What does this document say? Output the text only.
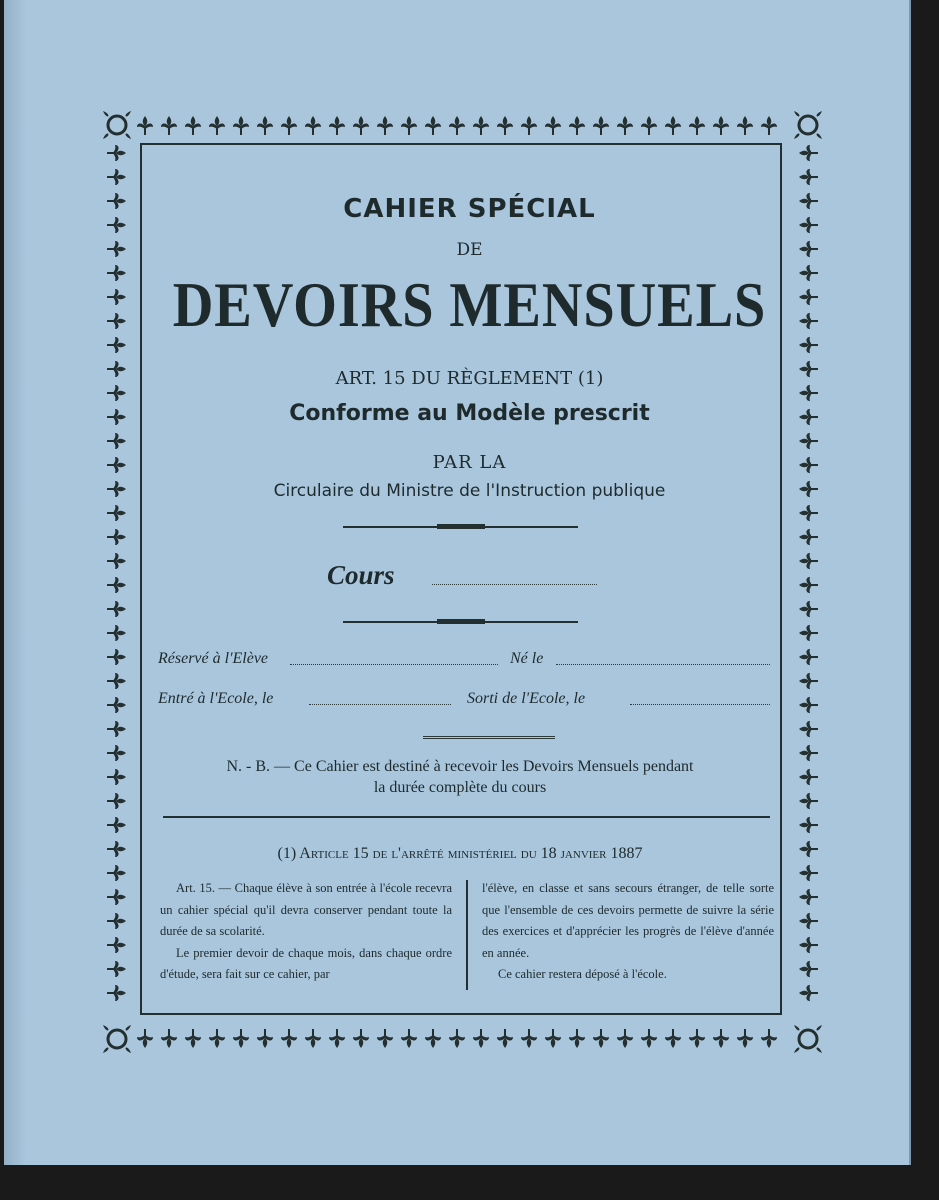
CAHIER SPÉCIAL
DE
DEVOIRS MENSUELS
ART. 15 DU RÈGLEMENT (1)
Conforme au Modèle prescrit
PAR LA
Circulaire du Ministre de l'Instruction publique
Cours
Réservé à l'Elève	Né le
Entré à l'Ecole, le	Sorti de l'Ecole, le
N. - B. — Ce Cahier est destiné à recevoir les Devoirs Mensuels pendant
la durée complète du cours
(1) Article 15 de l'arrêté ministériel du 18 janvier 1887

Art. 15. — Chaque élève à son entrée à l'école recevra un cahier spécial qu'il devra conserver pendant toute la durée de sa scolarité.

Le premier devoir de chaque mois, dans chaque ordre d'étude, sera fait sur ce cahier, par

l'élève, en classe et sans secours étranger, de telle sorte que l'ensemble de ces devoirs permette de suivre la série des exercices et d'apprécier les progrès de l'élève d'année en année.

Ce cahier restera déposé à l'école.
